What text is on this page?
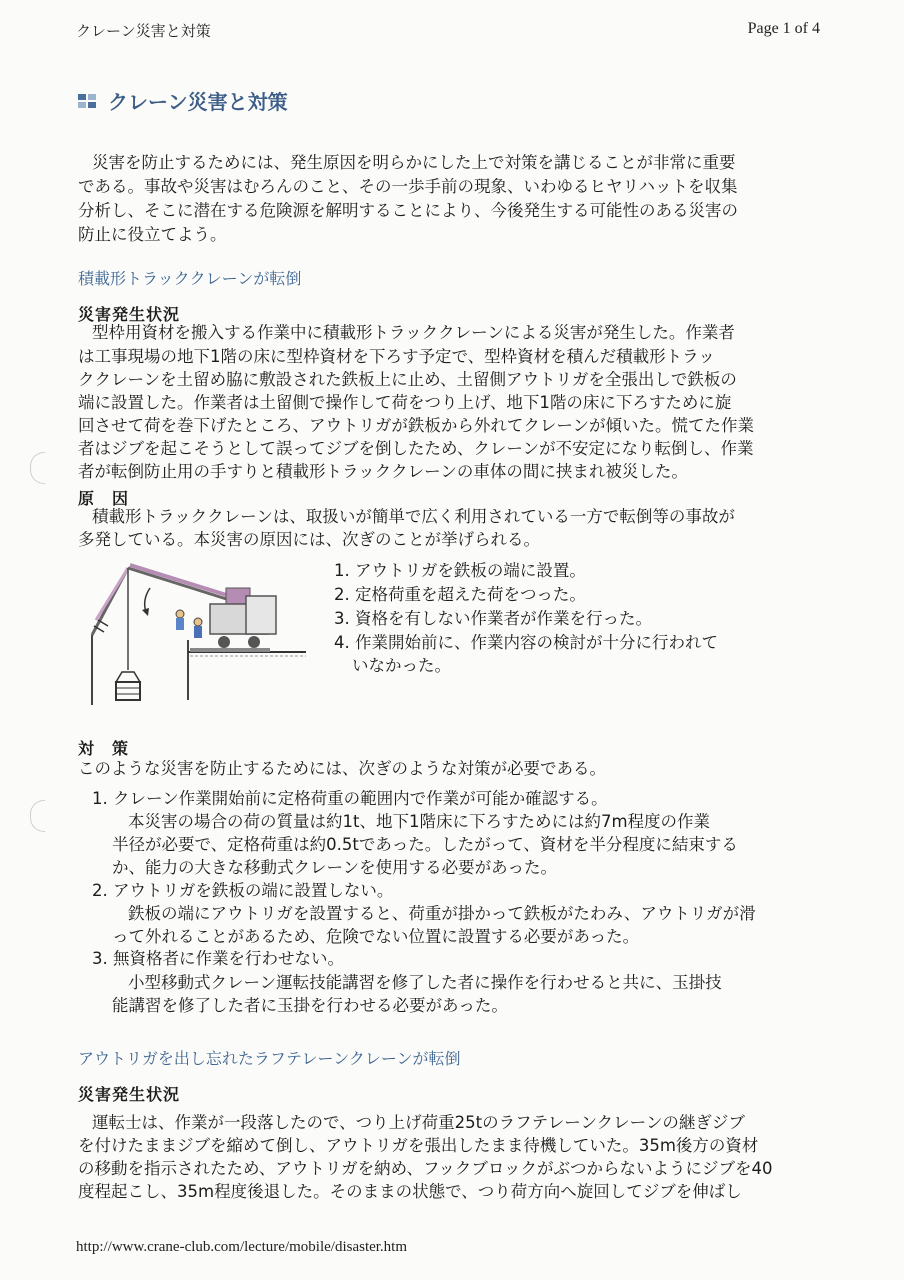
クレーン災害と対策	Page 1 of 4
クレーン災害と対策
災害を防止するためには、発生原因を明らかにした上で対策を講じることが非常に重要
である。事故や災害はむろんのこと、その一歩手前の現象、いわゆるヒヤリハットを収集
分析し、そこに潜在する危険源を解明することにより、今後発生する可能性のある災害の
防止に役立てよう。
積載形トラッククレーンが転倒
災害発生状況
型枠用資材を搬入する作業中に積載形トラッククレーンによる災害が発生した。作業者
は工事現場の地下1階の床に型枠資材を下ろす予定で、型枠資材を積んだ積載形トラッ
ククレーンを土留め脇に敷設された鉄板上に止め、土留側アウトリガを全張出しで鉄板の
端に設置した。作業者は土留側で操作して荷をつり上げ、地下1階の床に下ろすために旋
回させて荷を巻下げたところ、アウトリガが鉄板から外れてクレーンが傾いた。慌てた作業
者はジブを起こそうとして誤ってジブを倒したため、クレーンが不安定になり転倒し、作業
者が転倒防止用の手すりと積載形トラッククレーンの車体の間に挟まれ被災した。
原　因
積載形トラッククレーンは、取扱いが簡単で広く利用されている一方で転倒等の事故が
多発している。本災害の原因には、次ぎのことが挙げられる。
1. アウトリガを鉄板の端に設置。
2. 定格荷重を超えた荷をつった。
3. 資格を有しない作業者が作業を行った。
4. 作業開始前に、作業内容の検討が十分に行われて
いなかった。
対　策
このような災害を防止するためには、次ぎのような対策が必要である。
1. クレーン作業開始前に定格荷重の範囲内で作業が可能か確認する。
本災害の場合の荷の質量は約1t、地下1階床に下ろすためには約7m程度の作業
半径が必要で、定格荷重は約0.5tであった。したがって、資材を半分程度に結束する
か、能力の大きな移動式クレーンを使用する必要があった。
2. アウトリガを鉄板の端に設置しない。
鉄板の端にアウトリガを設置すると、荷重が掛かって鉄板がたわみ、アウトリガが滑
って外れることがあるため、危険でない位置に設置する必要があった。
3. 無資格者に作業を行わせない。
小型移動式クレーン運転技能講習を修了した者に操作を行わせると共に、玉掛技
能講習を修了した者に玉掛を行わせる必要があった。
アウトリガを出し忘れたラフテレーンクレーンが転倒
災害発生状況
運転士は、作業が一段落したので、つり上げ荷重25tのラフテレーンクレーンの継ぎジブ
を付けたままジブを縮めて倒し、アウトリガを張出したまま待機していた。35m後方の資材
の移動を指示されたため、アウトリガを納め、フックブロックがぶつからないようにジブを40
度程起こし、35m程度後退した。そのままの状態で、つり荷方向へ旋回してジブを伸ばし
http://www.crane-club.com/lecture/mobile/disaster.htm
